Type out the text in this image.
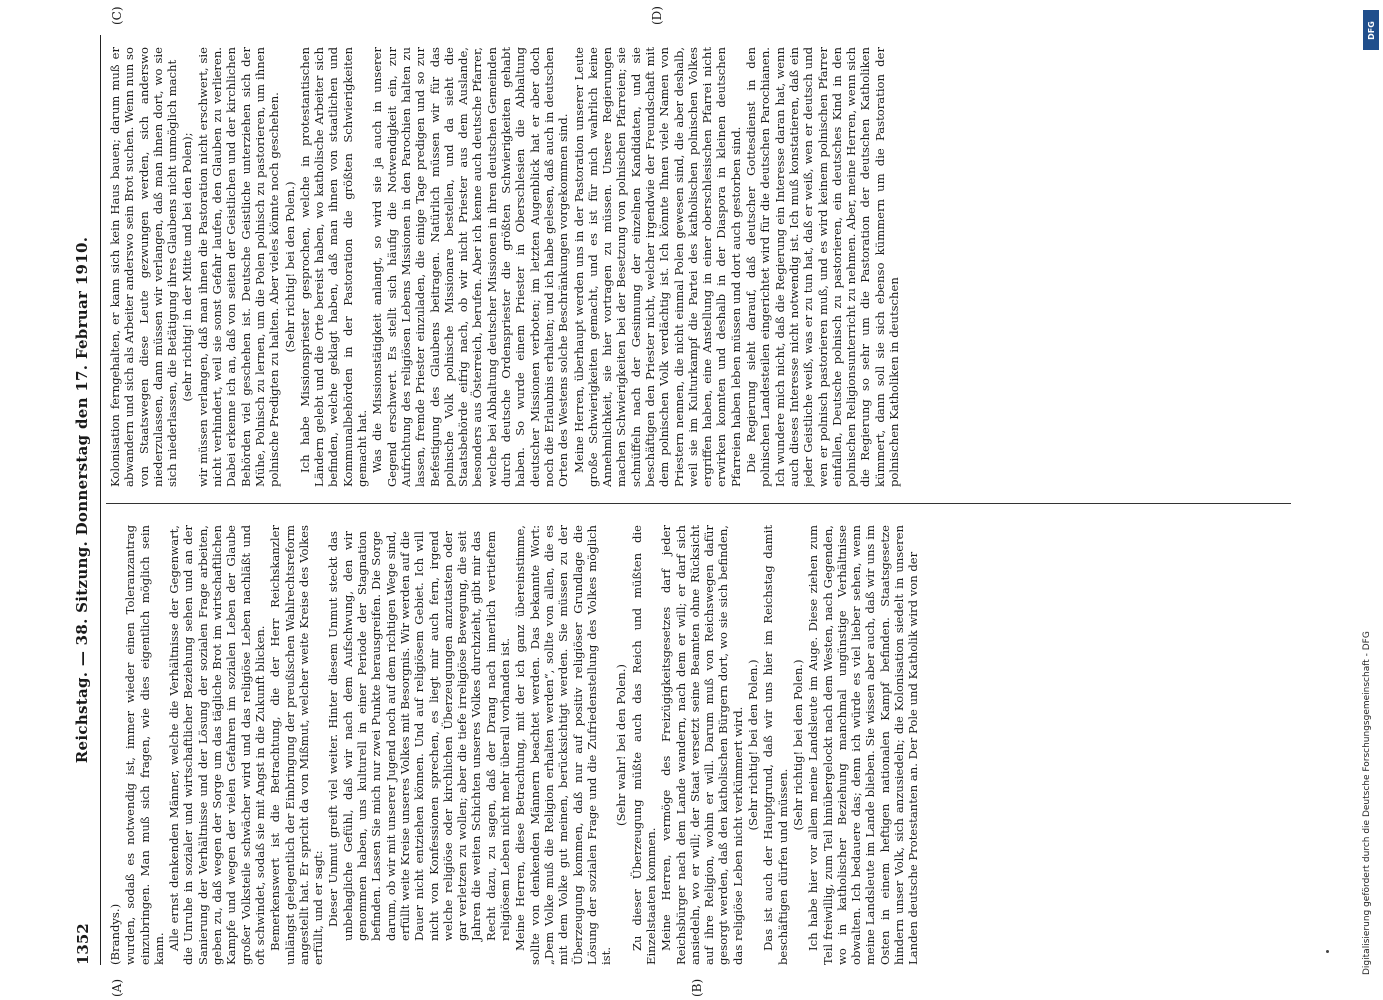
1352
Reichstag. — 38. Sitzung. Donnerstag den 17. Februar 1910.
(A)	(B)
(C)	(D)

(Brandys.) wurden, sodaß es notwendig ist, immer wieder einen Toleranzantrag einzubringen. Man muß sich fragen, wie dies eigentlich möglich sein kann. Alle ernst denkenden Männer, welche die Verhältnisse der Gegenwart, die Unruhe in sozialer und wirtschaftlicher Beziehung sehen und an der Sanierung der Verhältnisse und der Lösung der sozialen Frage arbeiten, geben zu, daß wegen der Sorge um das tägliche Brot im wirtschaftlichen Kampfe und wegen der vielen Gefahren im sozialen Leben der Glaube großer Volksteile schwächer wird und das religiöse Leben nachläßt und oft schwindet, sodaß sie mit Angst in die Zukunft blicken. Bemerkenswert ist die Betrachtung, die der Herr Reichskanzler unlängst gelegentlich der Einbringung der preußischen Wahlrechtsreform angestellt hat. Er spricht da von Mißmut, welcher weite Kreise des Volkes erfüllt, und er sagt: Dieser Unmut greift viel weiter. Hinter diesem Unmut steckt das unbehagliche Gefühl, daß wir nach dem Aufschwung, den wir genommen haben, uns kulturell in einer Periode der Stagnation befinden. Lassen Sie mich nur zwei Punkte herausgreifen. Die Sorge darum, ob wir mit unserer Jugend noch auf dem richtigen Wege sind, erfüllt weite Kreise unseres Volkes mit Besorgnis. Wir werden auf die Dauer nicht entziehen können. Und auf religiösem Gebiet. Ich will nicht von Konfessionen sprechen, es liegt mir auch fern, irgend welche religiöse oder kirchlichen Überzeugungen anzutasten oder gar verletzen zu wollen; aber die tiefe irreligiöse Bewegung, die seit Jahren die weiten Schichten unseres Volkes durchzieht, gibt mir das Recht dazu, zu sagen, daß der Drang nach innerlich vertieftem religiösem Leben nicht mehr überall vorhanden ist. Meine Herren, diese Betrachtung, mit der ich ganz übereinstimme, sollte von denkenden Männern beachtet werden. Das bekannte Wort: „Dem Volke muß die Religion erhalten werden“, sollte von allen, die es mit dem Volke gut meinen, berücksichtigt werden. Sie müssen zu der Überzeugung kommen, daß nur auf positiv religiöser Grundlage die Lösung der sozialen Frage und die Zufriedenstellung des Volkes möglich ist.

(Sehr wahr! bei den Polen.) Zu dieser Überzeugung müßte auch das Reich und müßten die Einzelstaaten kommen. Meine Herren, vermöge des Freizügigkeitsgesetzes darf jeder Reichsbürger nach dem Lande wandern, nach dem er will; er darf sich ansiedeln, wo er will; der Staat versetzt seine Beamten ohne Rücksicht auf ihre Religion, wohin er will. Darum muß von Reichswegen dafür gesorgt werden, daß den katholischen Bürgern dort, wo sie sich befinden, das religiöse Leben nicht verkümmert wird. (Sehr richtig! bei den Polen.) Das ist auch der Hauptgrund, daß wir uns hier im Reichstag damit beschäftigen dürfen und müssen.

(Sehr richtig! bei den Polen.) Ich habe hier vor allem meine Landsleute im Auge. Diese ziehen zum Teil freiwillig, zum Teil hinübergelockt nach dem Westen, nach Gegenden, wo in katholischer Beziehung manchmal ungünstige Verhältnisse obwalten. Ich bedauere das; denn ich würde es viel lieber sehen, wenn meine Landsleute im Lande blieben. Sie wissen aber auch, daß wir uns im Osten in einem heftigen nationalen Kampf befinden. Staatsgesetze hindern unser Volk, sich anzusiedeln; die Kolonisation siedelt in unseren Landen deutsche Protestanten an. Der Pole und Katholik wird von der

Kolonisation ferngehalten, er kann sich kein Haus bauen; darum muß er abwandern und sich als Arbeiter anderswo sein Brot suchen. Wenn nun so von Staatswegen diese Leute gezwungen werden, sich anderswo niederzulassen, dann müssen wir verlangen, daß man ihnen dort, wo sie sich niederlassen, die Betätigung ihres Glaubens nicht unmöglich macht (sehr richtig! in der Mitte und bei den Polen); wir müssen verlangen, daß man ihnen die Pastoration nicht erschwert, sie nicht verhindert, weil sie sonst Gefahr laufen, den Glauben zu verlieren. Dabei erkenne ich an, daß von seiten der Geistlichen und der kirchlichen Behörden viel geschehen ist. Deutsche Geistliche unterziehen sich der Mühe, Polnisch zu lernen, um die Polen polnisch zu pastorieren, um ihnen polnische Predigten zu halten. Aber vieles könnte noch geschehen. (Sehr richtig! bei den Polen.) Ich habe Missionspriester gesprochen, welche in protestantischen Ländern gelebt und die Orte bereist haben, wo katholische Arbeiter sich befinden, welche geklagt haben, daß man ihnen von staatlichen und Kommunalbehörden in der Pastoration die größten Schwierigkeiten gemacht hat. Was die Missionstätigkeit anlangt, so wird sie ja auch in unserer Gegend erschwert. Es stellt sich häufig die Notwendigkeit ein, zur Aufrichtung des religiösen Lebens Missionen in den Parochien halten zu lassen, fremde Priester einzuladen, die einige Tage predigen und so zur Befestigung des Glaubens beitragen. Natürlich müssen wir für das polnische Volk polnische Missionare bestellen, und da sieht die Staatsbehörde eifrig nach, ob wir nicht Priester aus dem Auslande, besonders aus Österreich, berufen. Aber ich kenne auch deutsche Pfarrer, welche bei Abhaltung deutscher Missionen in ihren deutschen Gemeinden durch deutsche Ordenspriester die größten Schwierigkeiten gehabt haben. So wurde einem Priester in Oberschlesien die Abhaltung deutscher Missionen verboten; im letzten Augenblick hat er aber doch noch die Erlaubnis erhalten; und ich habe gelesen, daß auch in deutschen Orten des Westens solche Beschränkungen vorgekommen sind. Meine Herren, überhaupt werden uns in der Pastoration unserer Leute große Schwierigkeiten gemacht, und es ist für mich wahrlich keine Annehmlichkeit, sie hier vortragen zu müssen. Unsere Regierungen machen Schwierigkeiten bei der Besetzung von polnischen Pfarreien; sie schnüffeln nach der Gesinnung der einzelnen Kandidaten, und sie beschäftigen den Priester nicht, welcher irgendwie der Freundschaft mit dem polnischen Volk verdächtig ist. Ich könnte Ihnen viele Namen von Priestern nennen, die nicht einmal Polen gewesen sind, die aber deshalb, weil sie im Kulturkampf die Partei des katholischen polnischen Volkes ergriffen haben, eine Anstellung in einer oberschlesischen Pfarrei nicht erwirken konnten und deshalb in der Diaspora in kleinen deutschen Pfarreien haben leben müssen und dort auch gestorben sind. Die Regierung sieht darauf, daß deutscher Gottesdienst in den polnischen Landesteilen eingerichtet wird für die deutschen Parochianen. Ich wundere mich nicht, daß die Regierung ein Interesse daran hat, wenn auch dieses Interesse nicht notwendig ist. Ich muß konstatieren, daß ein jeder Geistliche weiß, was er zu tun hat, daß er weiß, wen er deutsch und wen er polnisch pastorieren muß, und es wird keinem polnischen Pfarrer einfallen, Deutsche polnisch zu pastorieren, ein deutsches Kind in den polnischen Religionsunterricht zu nehmen. Aber, meine Herren, wenn sich die Regierung so sehr um die Pastoration der deutschen Katholiken kümmert, dann soll sie sich ebenso kümmern um die Pastoration der polnischen Katholiken in deutschen

DFG
Digitalisierung gefördert durch die Deutsche Forschungsgemeinschaft - DFG
